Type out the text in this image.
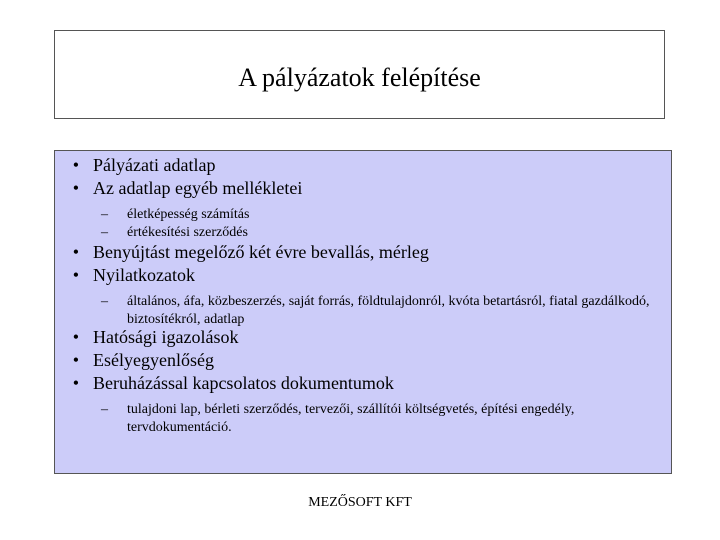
A pályázatok felépítése
• Pályázati adatlap
• Az adatlap egyéb mellékletei
–	életképesség számítás
–	értékesítési szerződés
• Benyújtást megelőző két évre bevallás, mérleg
• Nyilatkozatok
–	általános, áfa, közbeszerzés, saját forrás, földtulajdonról, kvóta betartásról, fiatal gazdálkodó, biztosítékról, adatlap
• Hatósági igazolások
• Esélyegyenlőség
• Beruházással kapcsolatos dokumentumok
–	tulajdoni lap, bérleti szerződés, tervezői, szállítói költségvetés, építési engedély, tervdokumentáció.
MEZŐSOFT KFT
